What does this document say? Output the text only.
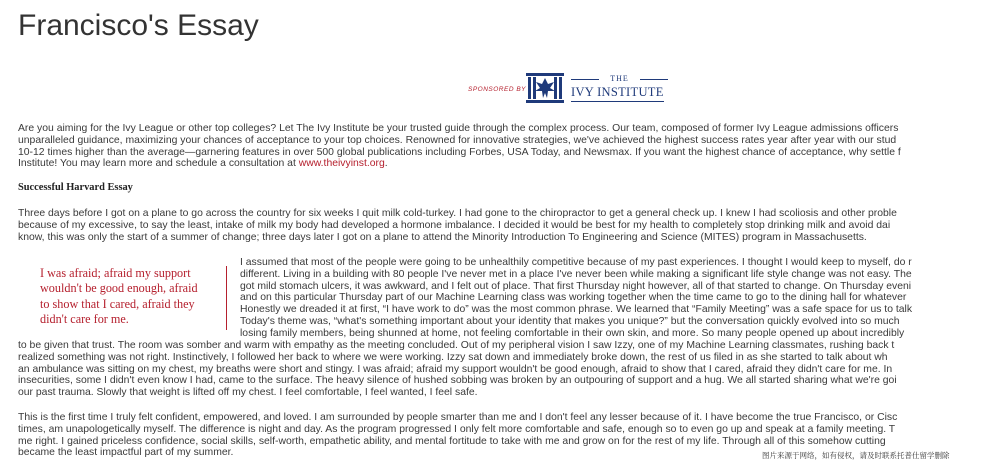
Francisco's Essay
SPONSORED BY
THE
IVY INSTITUTE
Are you aiming for the Ivy League or other top colleges? Let The Ivy Institute be your trusted guide through the complex process. Our team, composed of former Ivy League admissions officers
unparalleled guidance, maximizing your chances of acceptance to your top choices. Renowned for innovative strategies, we've achieved the highest success rates year after year with our stud
10-12 times higher than the average—garnering features in over 500 global publications including Forbes, USA Today, and Newsmax. If you want the highest chance of acceptance, why settle f
Institute! You may learn more and schedule a consultation at www.theivyinst.org.
Successful Harvard Essay
Three days before I got on a plane to go across the country for six weeks I quit milk cold-turkey. I had gone to the chiropractor to get a general check up. I knew I had scoliosis and other proble
because of my excessive, to say the least, intake of milk my body had developed a hormone imbalance. I decided it would be best for my health to completely stop drinking milk and avoid dai
know, this was only the start of a summer of change; three days later I got on a plane to attend the Minority Introduction To Engineering and Science (MITES) program in Massachusetts.
I was afraid; afraid my support
wouldn't be good enough, afraid
to show that I cared, afraid they
didn't care for me.
I assumed that most of the people were going to be unhealthily competitive because of my past experiences. I thought I would keep to myself, do r
different. Living in a building with 80 people I've never met in a place I've never been while making a significant life style change was not easy. The
got mild stomach ulcers, it was awkward, and I felt out of place. That first Thursday night however, all of that started to change. On Thursday eveni
and on this particular Thursday part of our Machine Learning class was working together when the time came to go to the dining hall for whatever
Honestly we dreaded it at first, “I have work to do” was the most common phrase. We learned that “Family Meeting” was a safe space for us to talk
Today's theme was, “what's something important about your identity that makes you unique?” but the conversation quickly evolved into so much
losing family members, being shunned at home, not feeling comfortable in their own skin, and more. So many people opened up about incredibly
to be given that trust. The room was somber and warm with empathy as the meeting concluded. Out of my peripheral vision I saw Izzy, one of my Machine Learning classmates, rushing back t
realized something was not right. Instinctively, I followed her back to where we were working. Izzy sat down and immediately broke down, the rest of us filed in as she started to talk about wh
an ambulance was sitting on my chest, my breaths were short and stingy. I was afraid; afraid my support wouldn't be good enough, afraid to show that I cared, afraid they didn't care for me. In
insecurities, some I didn't even know I had, came to the surface. The heavy silence of hushed sobbing was broken by an outpouring of support and a hug. We all started sharing what we're goi
our past trauma. Slowly that weight is lifted off my chest. I feel comfortable, I feel wanted, I feel safe.
This is the first time I truly felt confident, empowered, and loved. I am surrounded by people smarter than me and I don't feel any lesser because of it. I have become the true Francisco, or Cisc
times, am unapologetically myself. The difference is night and day. As the program progressed I only felt more comfortable and safe, enough so to even go up and speak at a family meeting. T
me right. I gained priceless confidence, social skills, self-worth, empathetic ability, and mental fortitude to take with me and grow on for the rest of my life. Through all of this somehow cutting
became the least impactful part of my summer.	图片来源于网络，如有侵权，请及时联系托普仕留学删除
